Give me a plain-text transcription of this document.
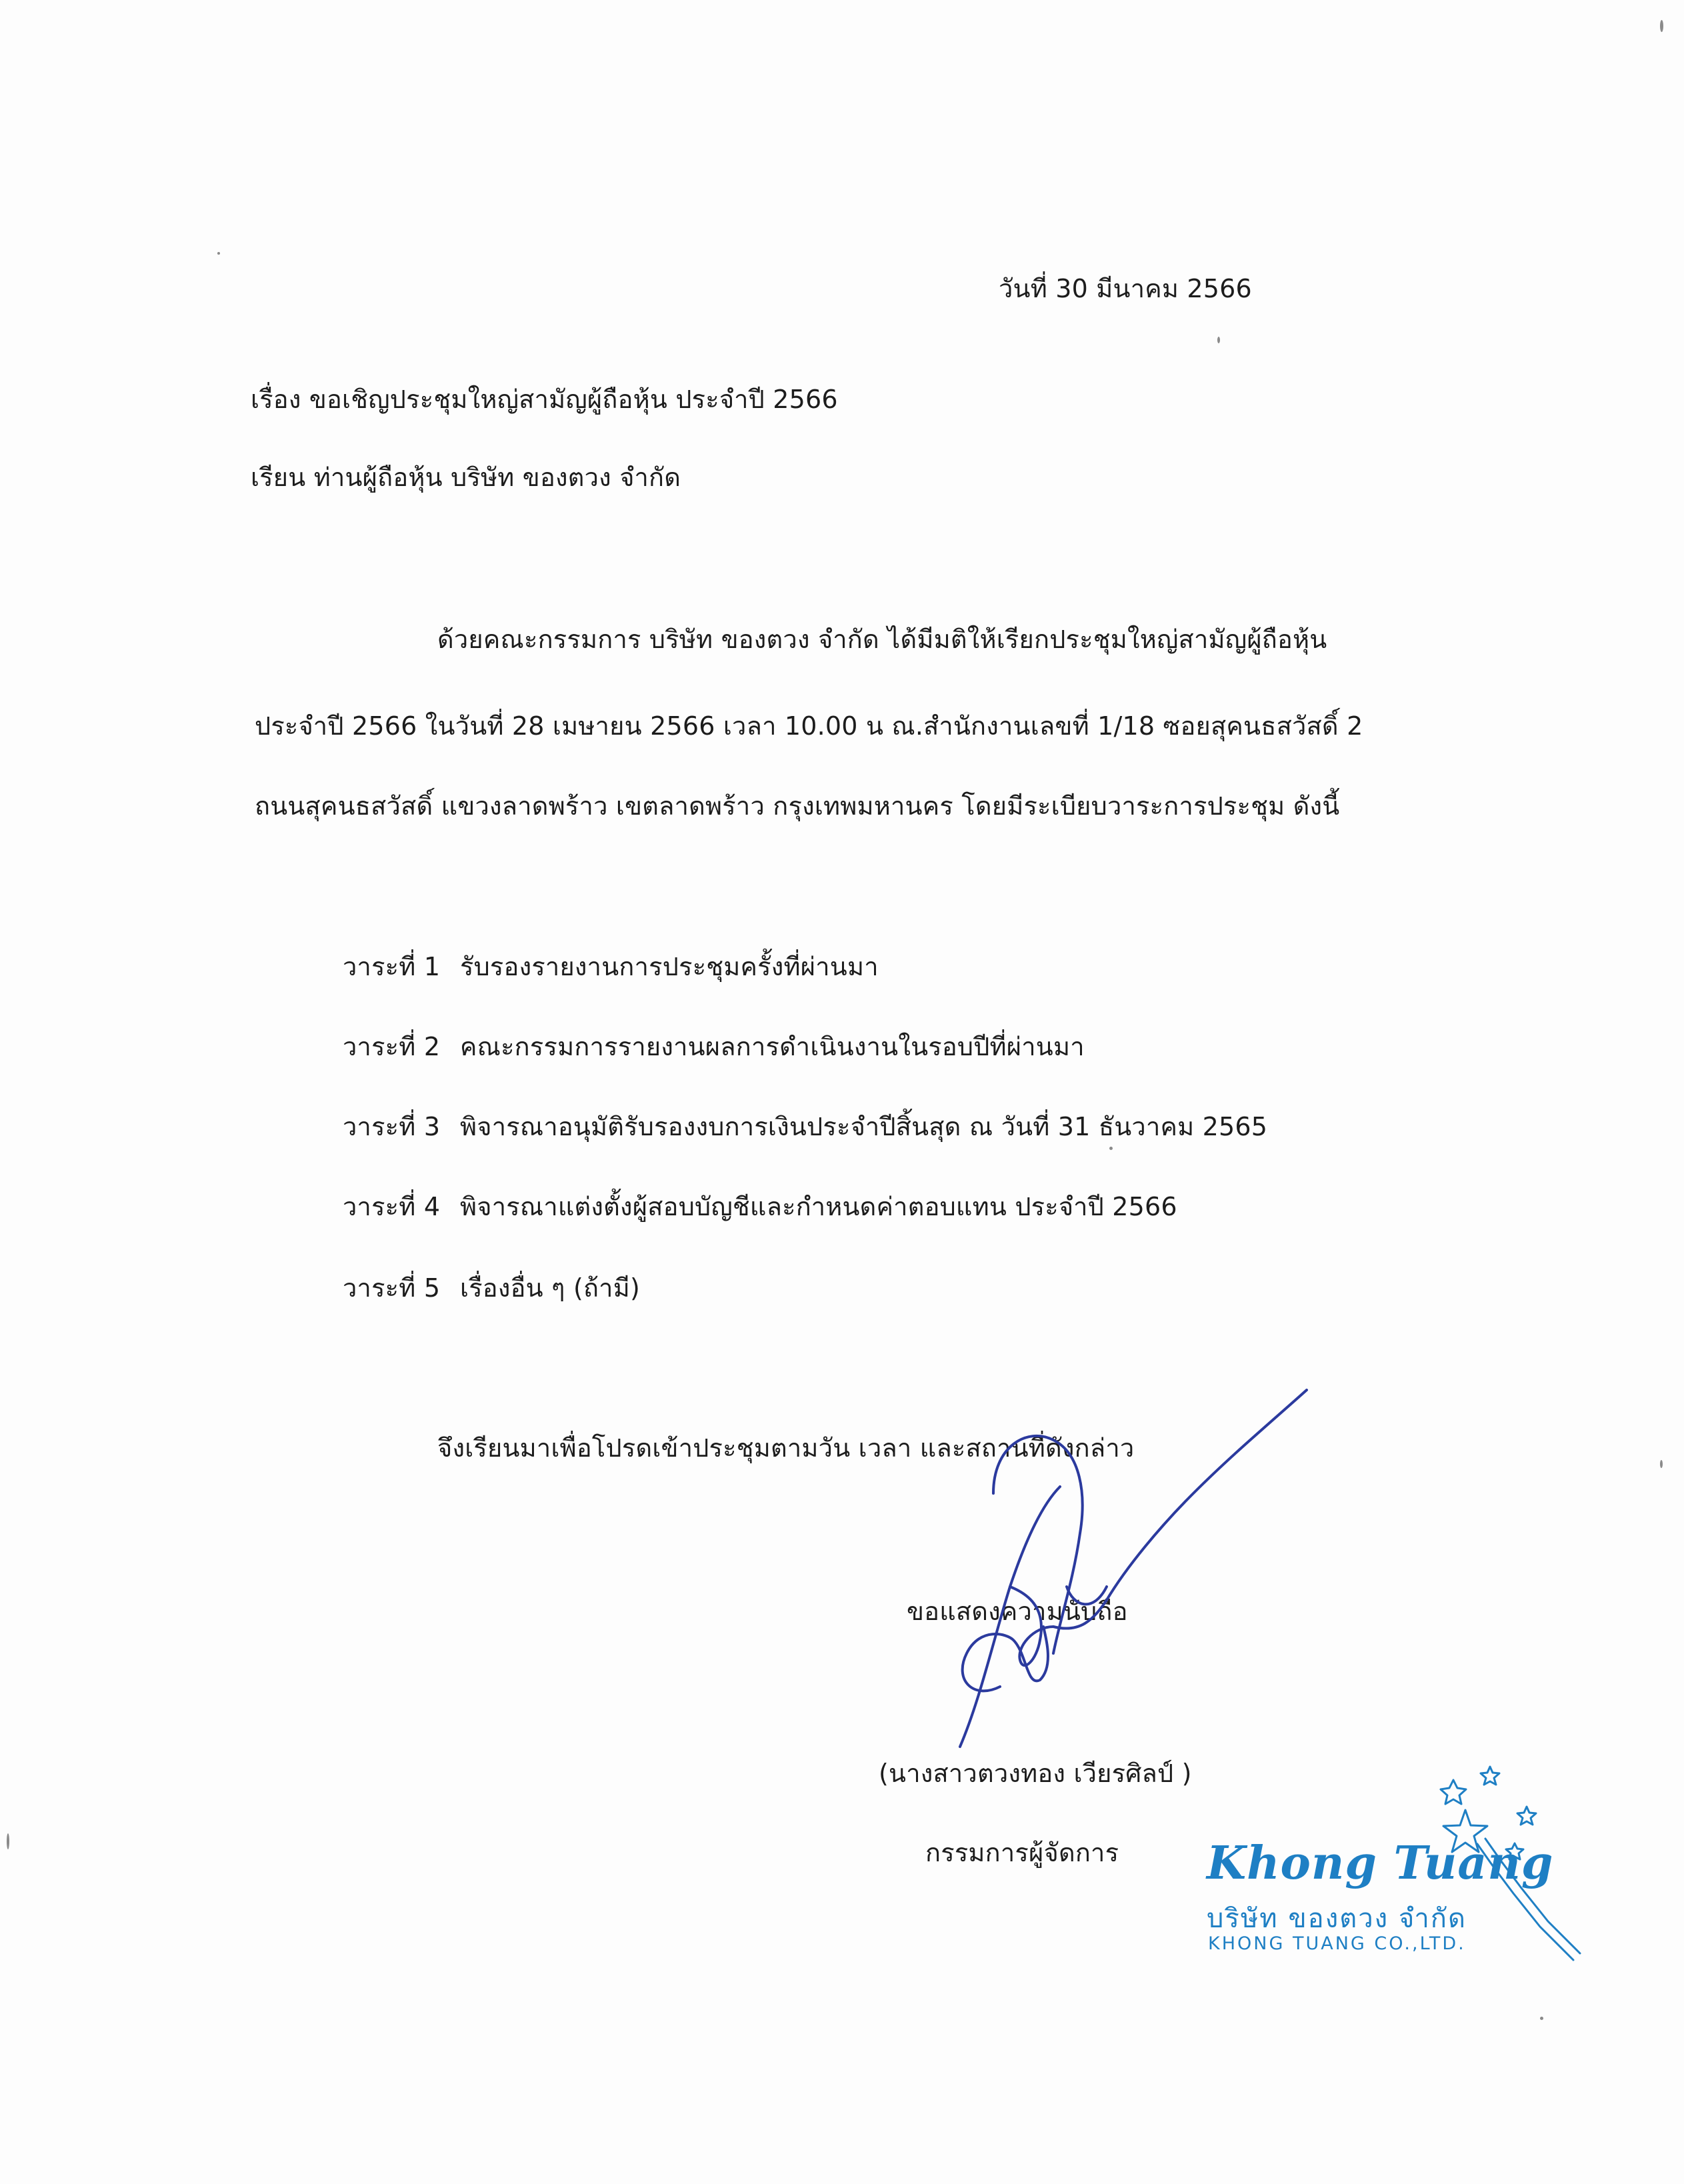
วันที่ 30 มีนาคม 2566
เรื่อง ขอเชิญประชุมใหญ่สามัญผู้ถือหุ้น ประจำปี 2566
เรียน ท่านผู้ถือหุ้น บริษัท ของตวง จำกัด
ด้วยคณะกรรมการ บริษัท ของตวง จำกัด ได้มีมติให้เรียกประชุมใหญ่สามัญผู้ถือหุ้น
ประจำปี 2566 ในวันที่ 28 เมษายน 2566 เวลา 10.00 น ณ.สำนักงานเลขที่ 1/18 ซอยสุคนธสวัสดิ์ 2
ถนนสุคนธสวัสดิ์ แขวงลาดพร้าว เขตลาดพร้าว กรุงเทพมหานคร โดยมีระเบียบวาระการประชุม ดังนี้
วาระที่ 1 รับรองรายงานการประชุมครั้งที่ผ่านมา
วาระที่ 2 คณะกรรมการรายงานผลการดำเนินงานในรอบปีที่ผ่านมา
วาระที่ 3 พิจารณาอนุมัติรับรองงบการเงินประจำปีสิ้นสุด ณ วันที่ 31 ธันวาคม 2565
วาระที่ 4 พิจารณาแต่งตั้งผู้สอบบัญชีและกำหนดค่าตอบแทน ประจำปี 2566
วาระที่ 5 เรื่องอื่น ๆ (ถ้ามี)
จึงเรียนมาเพื่อโปรดเข้าประชุมตามวัน เวลา และสถานที่ดังกล่าว
ขอแสดงความนับถือ
(นางสาวตวงทอง เวียรศิลป์ )
กรรมการผู้จัดการ Khong Tuang
บริษัท ของตวง จำกัด
KHONG TUANG CO.,LTD.
